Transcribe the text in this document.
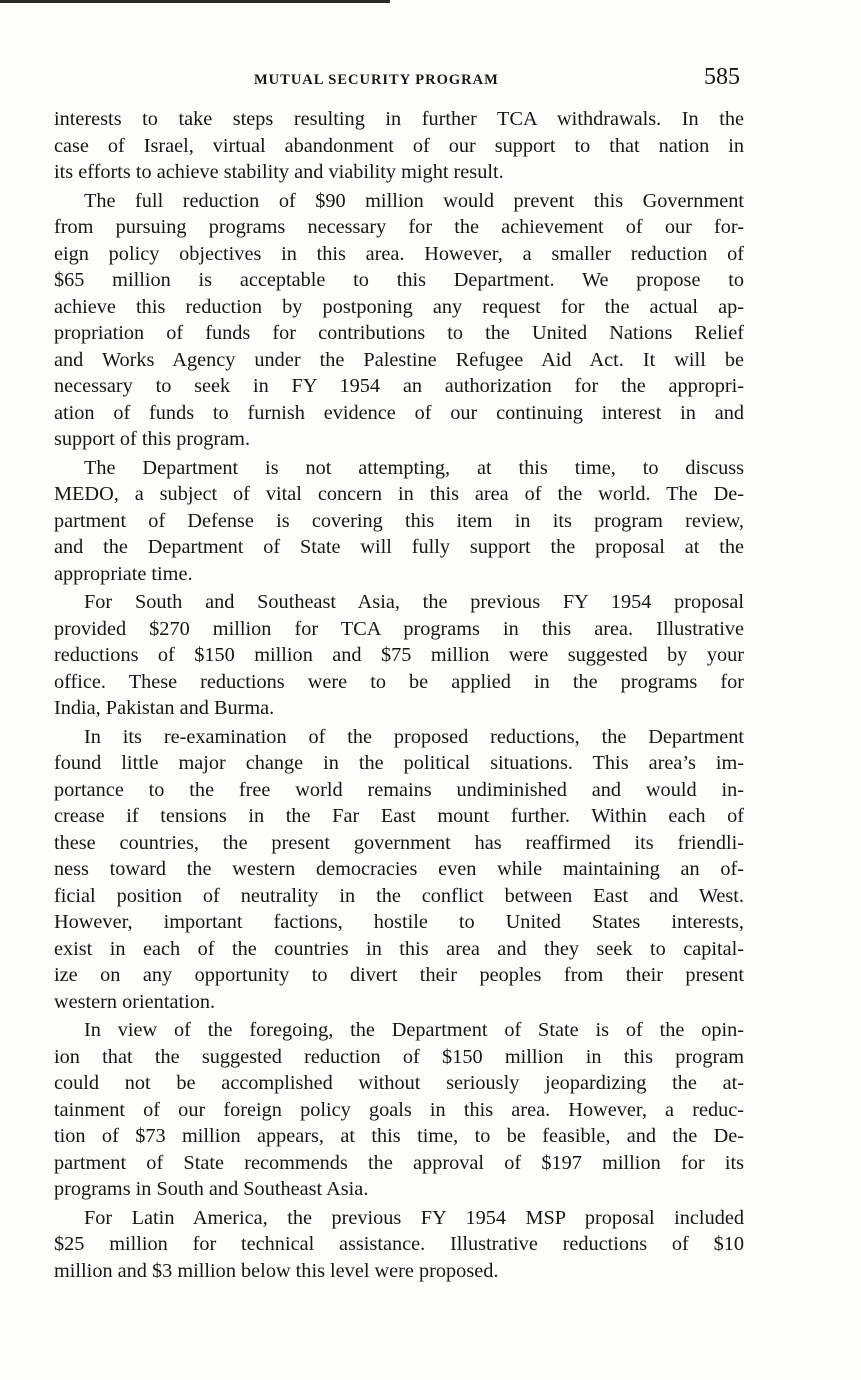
MUTUAL SECURITY PROGRAM	585
interests to take steps resulting in further TCA withdrawals. In the
case of Israel, virtual abandonment of our support to that nation in
its efforts to achieve stability and viability might result.
The full reduction of $90 million would prevent this Government
from pursuing programs necessary for the achievement of our for-
eign policy objectives in this area. However, a smaller reduction of
$65 million is acceptable to this Department. We propose to
achieve this reduction by postponing any request for the actual ap-
propriation of funds for contributions to the United Nations Relief
and Works Agency under the Palestine Refugee Aid Act. It will be
necessary to seek in FY 1954 an authorization for the appropri-
ation of funds to furnish evidence of our continuing interest in and
support of this program.
The Department is not attempting, at this time, to discuss
MEDO, a subject of vital concern in this area of the world. The De-
partment of Defense is covering this item in its program review,
and the Department of State will fully support the proposal at the
appropriate time.
For South and Southeast Asia, the previous FY 1954 proposal
provided $270 million for TCA programs in this area. Illustrative
reductions of $150 million and $75 million were suggested by your
office. These reductions were to be applied in the programs for
India, Pakistan and Burma.
In its re-examination of the proposed reductions, the Department
found little major change in the political situations. This area’s im-
portance to the free world remains undiminished and would in-
crease if tensions in the Far East mount further. Within each of
these countries, the present government has reaffirmed its friendli-
ness toward the western democracies even while maintaining an of-
ficial position of neutrality in the conflict between East and West.
However, important factions, hostile to United States interests,
exist in each of the countries in this area and they seek to capital-
ize on any opportunity to divert their peoples from their present
western orientation.
In view of the foregoing, the Department of State is of the opin-
ion that the suggested reduction of $150 million in this program
could not be accomplished without seriously jeopardizing the at-
tainment of our foreign policy goals in this area. However, a reduc-
tion of $73 million appears, at this time, to be feasible, and the De-
partment of State recommends the approval of $197 million for its
programs in South and Southeast Asia.
For Latin America, the previous FY 1954 MSP proposal included
$25 million for technical assistance. Illustrative reductions of $10
million and $3 million below this level were proposed.
